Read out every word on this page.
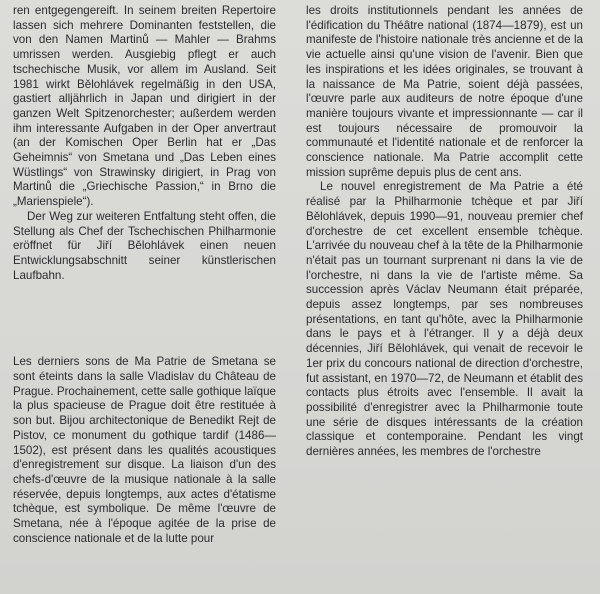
ren entgegengereift. In seinem breiten Repertoire lassen sich mehrere Dominanten feststellen, die von den Namen Martinů — Mahler — Brahms umrissen werden. Ausgiebig pflegt er auch tschechische Musik, vor allem im Ausland. Seit 1981 wirkt Bělohlávek regelmäßig in den USA, gastiert alljährlich in Japan und dirigiert in der ganzen Welt Spitzenorchester; außerdem werden ihm interessante Aufgaben in der Oper anvertraut (an der Komischen Oper Berlin hat er „Das Geheimnis“ von Smetana und „Das Leben eines Wüstlings“ von Strawinsky dirigiert, in Prag von Martinů die „Griechische Passion,“ in Brno die „Marienspiele“).

Der Weg zur weiteren Entfaltung steht offen, die Stellung als Chef der Tschechischen Philharmonie eröffnet für Jiří Bělohlávek einen neuen Entwicklungsabschnitt seiner künstlerischen Laufbahn.

Les derniers sons de Ma Patrie de Smetana se sont éteints dans la salle Vladislav du Château de Prague. Prochainement, cette salle gothique laïque la plus spacieuse de Prague doit être restituée à son but. Bijou architectonique de Benedikt Rejt de Pistov, ce monument du gothique tardif (1486—1502), est présent dans les qualités acoustiques d'enregistrement sur disque. La liaison d'un des chefs-d'œuvre de la musique nationale à la salle réservée, depuis longtemps, aux actes d'étatisme tchèque, est symbolique. De même l'œuvre de Smetana, née à l'époque agitée de la prise de conscience nationale et de la lutte pour

les droits institutionnels pendant les années de l'édification du Théâtre national (1874—1879), est un manifeste de l'histoire nationale très ancienne et de la vie actuelle ainsi qu'une vision de l'avenir. Bien que les inspirations et les idées originales, se trouvant à la naissance de Ma Patrie, soient déjà passées, l'œuvre parle aux auditeurs de notre époque d'une manière toujours vivante et impressionnante — car il est toujours nécessaire de promouvoir la communauté et l'identité nationale et de renforcer la conscience nationale. Ma Patrie accomplit cette mission suprême depuis plus de cent ans.

Le nouvel enregistrement de Ma Patrie a été réalisé par la Philharmonie tchèque et par Jiří Bělohlávek, depuis 1990—91, nouveau premier chef d'orchestre de cet excellent ensemble tchèque. L'arrivée du nouveau chef à la tête de la Philharmonie n'était pas un tournant surprenant ni dans la vie de l'orchestre, ni dans la vie de l'artiste même. Sa succession après Václav Neumann était préparée, depuis assez longtemps, par ses nombreuses présentations, en tant qu'hôte, avec la Philharmonie dans le pays et à l'étranger. Il y a déjà deux décennies, Jiří Bělohlávek, qui venait de recevoir le 1er prix du concours national de direction d'orchestre, fut assistant, en 1970—72, de Neumann et établit des contacts plus étroits avec l'ensemble. Il avait la possibilité d'enregistrer avec la Philharmonie toute une série de disques intéressants de la création classique et contemporaine. Pendant les vingt dernières années, les membres de l'orchestre
